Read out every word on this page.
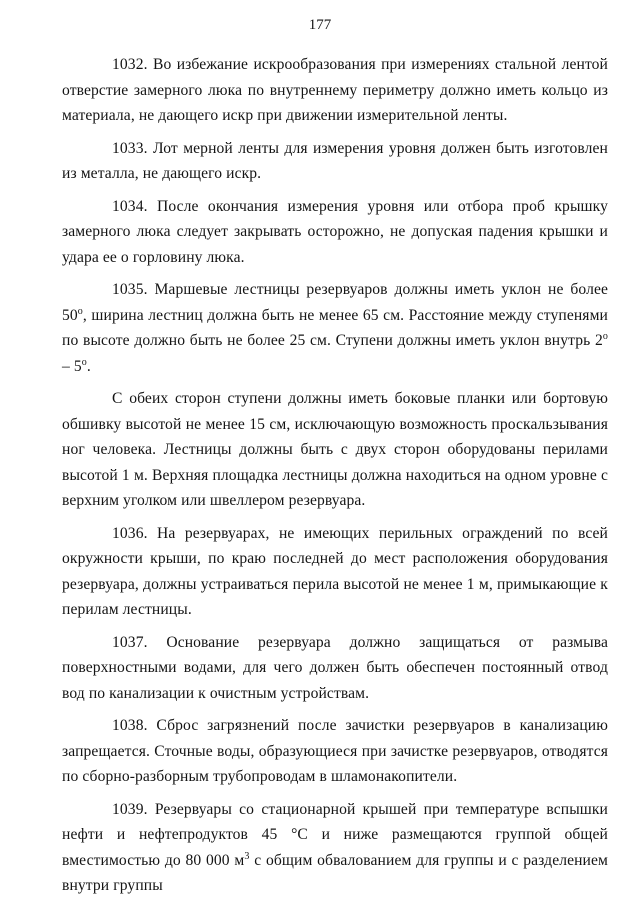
177

1032. Во избежание искрообразования при измерениях стальной лентой отверстие замерного люка по внутреннему периметру должно иметь кольцо из материала, не дающего искр при движении измерительной ленты.

1033. Лот мерной ленты для измерения уровня должен быть изготовлен из металла, не дающего искр.

1034. После окончания измерения уровня или отбора проб крышку замерного люка следует закрывать осторожно, не допуская падения крышки и удара ее о горловину люка.

1035. Маршевые лестницы резервуаров должны иметь уклон не более $50^о$, ширина лестниц должна быть не менее 65 см. Расстояние между ступенями по высоте должно быть не более 25 см. Ступени должны иметь уклон внутрь $2^о - 5^о$.

С обеих сторон ступени должны иметь боковые планки или бортовую обшивку высотой не менее 15 см, исключающую возможность проскальзывания ног человека. Лестницы должны быть с двух сторон оборудованы перилами высотой 1 м. Верхняя площадка лестницы должна находиться на одном уровне с верхним уголком или швеллером резервуара.

1036. На резервуарах, не имеющих перильных ограждений по всей окружности крыши, по краю последней до мест расположения оборудования резервуара, должны устраиваться перила высотой не менее 1 м, примыкающие к перилам лестницы.

1037. Основание резервуара должно защищаться от размыва поверхностными водами, для чего должен быть обеспечен постоянный отвод вод по канализации к очистным устройствам.

1038. Сброс загрязнений после зачистки резервуаров в канализацию запрещается. Сточные воды, образующиеся при зачистке резервуаров, отводятся по сборно-разборным трубопроводам в шламонакопители.

1039. Резервуары со стационарной крышей при температуре вспышки нефти и нефтепродуктов 45 °С и ниже размещаются группой общей вместимостью до 80 000 $м^3$ с общим обвалованием для группы и с разделением внутри группы
